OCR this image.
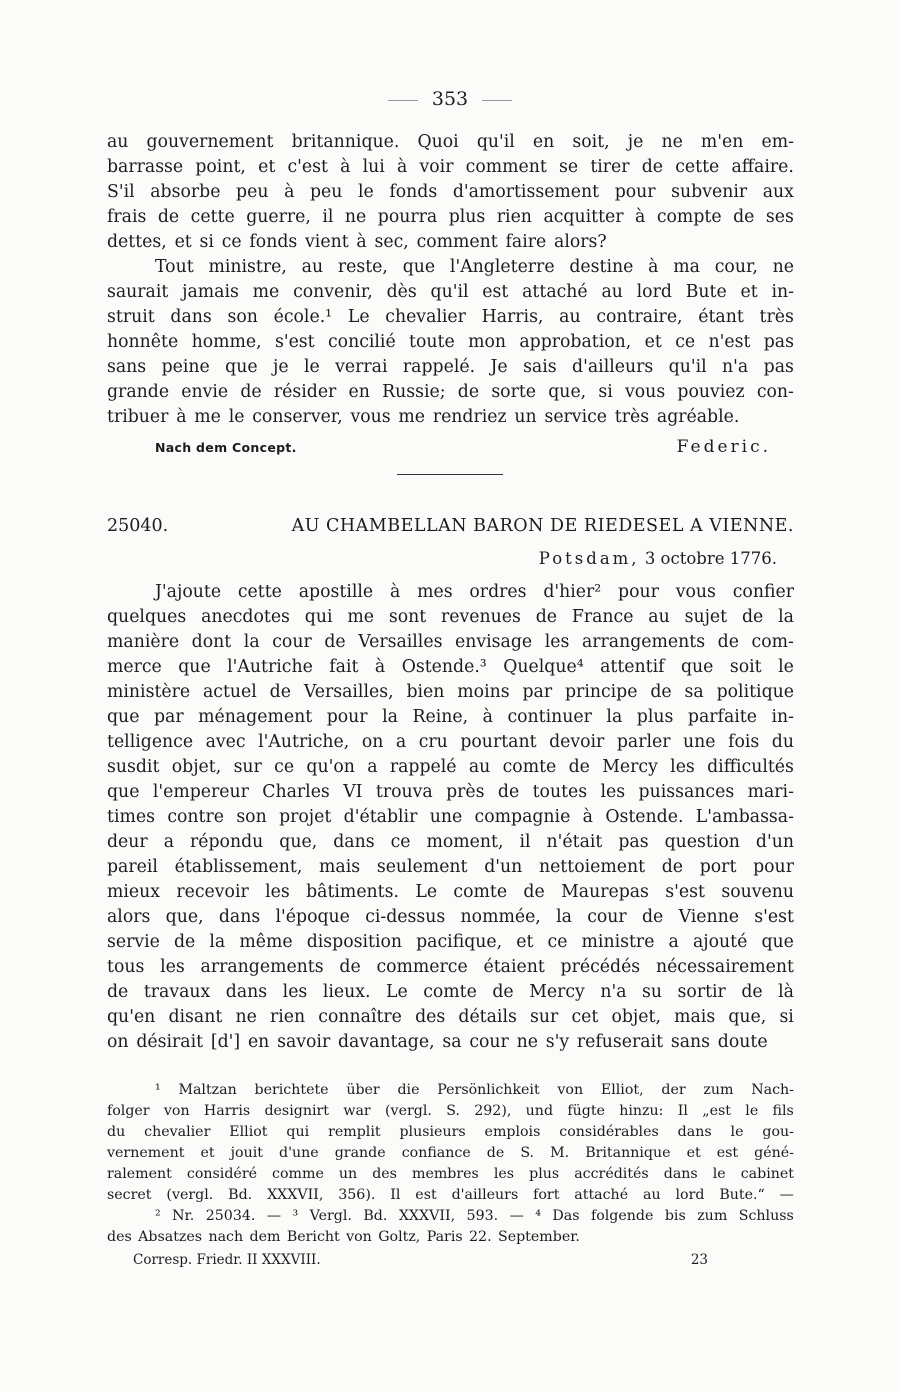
353
au gouvernement britannique. Quoi qu'il en soit, je ne m'en em-
barrasse point, et c'est à lui à voir comment se tirer de cette affaire.
S'il absorbe peu à peu le fonds d'amortissement pour subvenir aux
frais de cette guerre, il ne pourra plus rien acquitter à compte de ses
dettes, et si ce fonds vient à sec, comment faire alors?
Tout ministre, au reste, que l'Angleterre destine à ma cour, ne
saurait jamais me convenir, dès qu'il est attaché au lord Bute et in-
struit dans son école.¹ Le chevalier Harris, au contraire, étant très
honnête homme, s'est concilié toute mon approbation, et ce n'est pas
sans peine que je le verrai rappelé. Je sais d'ailleurs qu'il n'a pas
grande envie de résider en Russie; de sorte que, si vous pouviez con-
tribuer à me le conserver, vous me rendriez un service très agréable.
Nach dem Concept.	Federic.
25040.	AU CHAMBELLAN BARON DE RIEDESEL A VIENNE.
Potsdam, 3 octobre 1776.
J'ajoute cette apostille à mes ordres d'hier² pour vous confier
quelques anecdotes qui me sont revenues de France au sujet de la
manière dont la cour de Versailles envisage les arrangements de com-
merce que l'Autriche fait à Ostende.³ Quelque⁴ attentif que soit le
ministère actuel de Versailles, bien moins par principe de sa politique
que par ménagement pour la Reine, à continuer la plus parfaite in-
telligence avec l'Autriche, on a cru pourtant devoir parler une fois du
susdit objet, sur ce qu'on a rappelé au comte de Mercy les difficultés
que l'empereur Charles VI trouva près de toutes les puissances mari-
times contre son projet d'établir une compagnie à Ostende. L'ambassa-
deur a répondu que, dans ce moment, il n'était pas question d'un
pareil établissement, mais seulement d'un nettoiement de port pour
mieux recevoir les bâtiments. Le comte de Maurepas s'est souvenu
alors que, dans l'époque ci-dessus nommée, la cour de Vienne s'est
servie de la même disposition pacifique, et ce ministre a ajouté que
tous les arrangements de commerce étaient précédés nécessairement
de travaux dans les lieux. Le comte de Mercy n'a su sortir de là
qu'en disant ne rien connaître des détails sur cet objet, mais que, si
on désirait [d'] en savoir davantage, sa cour ne s'y refuserait sans doute
¹ Maltzan berichtete über die Persönlichkeit von Elliot, der zum Nach-
folger von Harris designirt war (vergl. S. 292), und fügte hinzu: Il „est le fils
du chevalier Elliot qui remplit plusieurs emplois considérables dans le gou-
vernement et jouit d'une grande confiance de S. M. Britannique et est géné-
ralement considéré comme un des membres les plus accrédités dans le cabinet
secret (vergl. Bd. XXXVII, 356). Il est d'ailleurs fort attaché au lord Bute.“ —
² Nr. 25034. — ³ Vergl. Bd. XXXVII, 593. — ⁴ Das folgende bis zum Schluss
des Absatzes nach dem Bericht von Goltz, Paris 22. September.
Corresp. Friedr. II XXXVIII.	23
